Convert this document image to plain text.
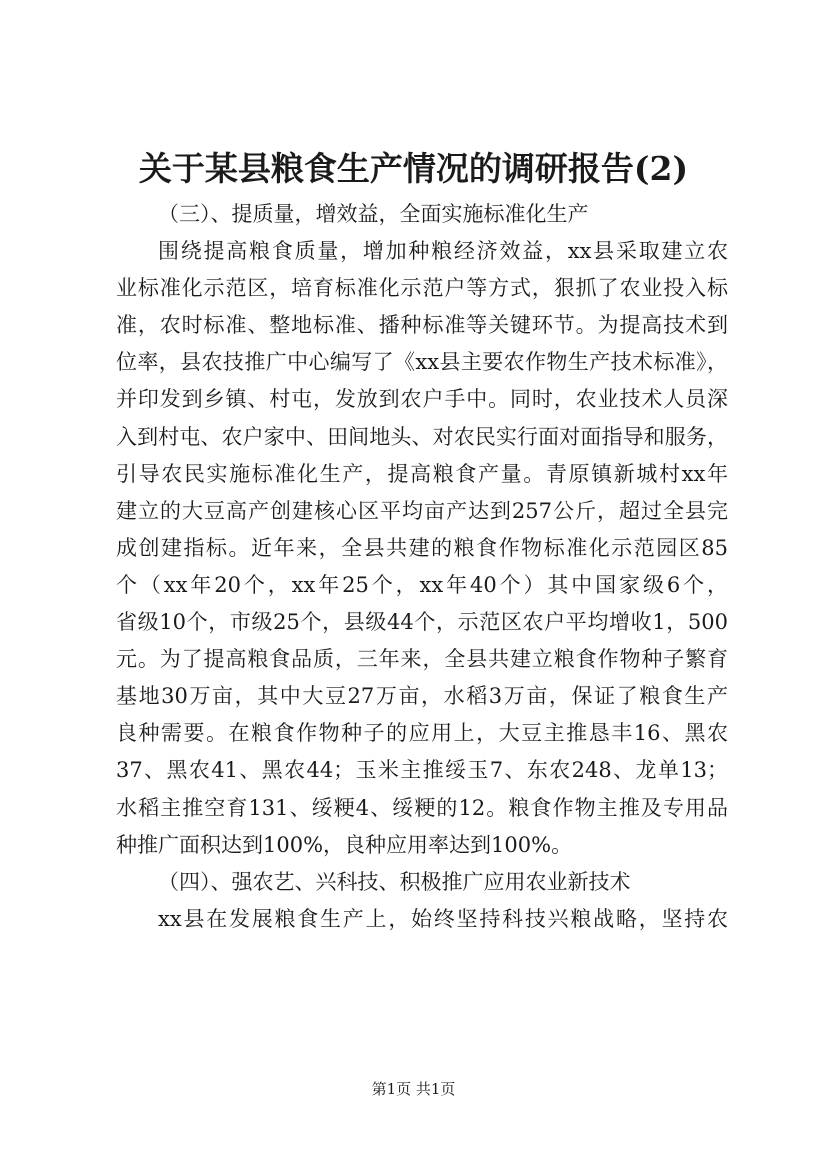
关于某县粮食生产情况的调研报告(2)
（三）、提质量，增效益，全面实施标准化生产
围绕提高粮食质量，增加种粮经济效益，xx县采取建立农
业标准化示范区，培育标准化示范户等方式，狠抓了农业投入标
准，农时标准、整地标准、播种标准等关键环节。为提高技术到
位率，县农技推广中心编写了《xx县主要农作物生产技术标准》，
并印发到乡镇、村屯，发放到农户手中。同时，农业技术人员深
入到村屯、农户家中、田间地头、对农民实行面对面指导和服务，
引导农民实施标准化生产，提高粮食产量。青原镇新城村xx年
建立的大豆高产创建核心区平均亩产达到257公斤，超过全县完
成创建指标。近年来，全县共建的粮食作物标准化示范园区85
个（xx年20个，xx年25个，xx年40个）其中国家级6个，
省级10个，市级25个，县级44个，示范区农户平均增收1，500
元。为了提高粮食品质，三年来，全县共建立粮食作物种子繁育
基地30万亩，其中大豆27万亩，水稻3万亩，保证了粮食生产
良种需要。在粮食作物种子的应用上，大豆主推恳丰16、黑农
37、黑农41、黑农44；玉米主推绥玉7、东农248、龙单13；
水稻主推空育131、绥粳4、绥粳的12。粮食作物主推及专用品
种推广面积达到100%，良种应用率达到100%。
（四）、强农艺、兴科技、积极推广应用农业新技术
xx县在发展粮食生产上，始终坚持科技兴粮战略，坚持农
第1页 共1页
